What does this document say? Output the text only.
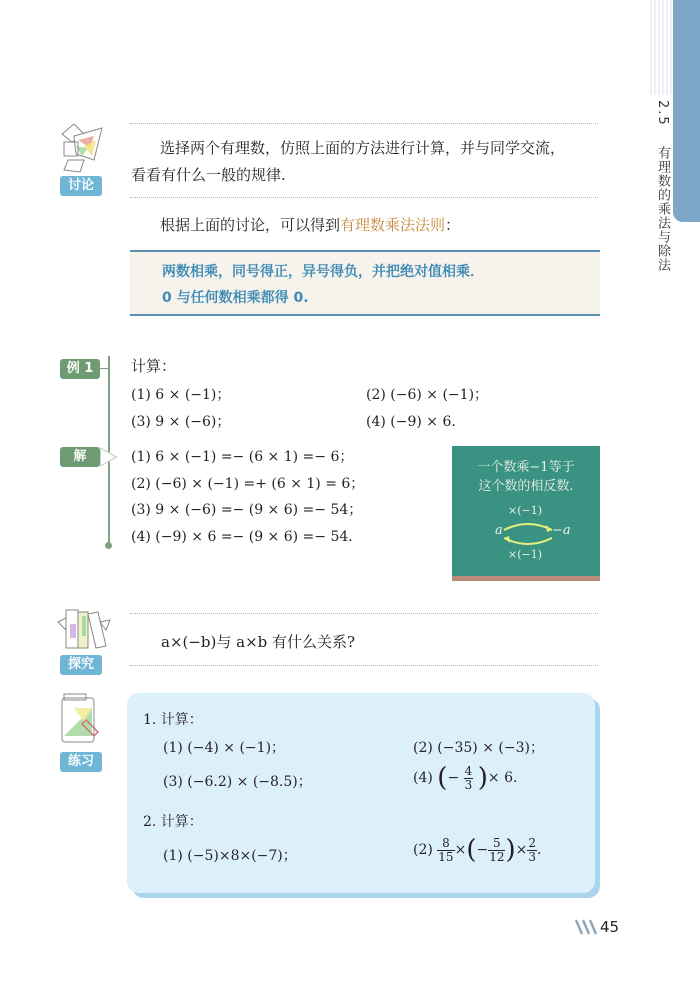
2.5 有理数的乘法与除法
讨论
选择两个有理数，仿照上面的方法进行计算，并与同学交流，
看看有什么一般的规律.
根据上面的讨论，可以得到有理数乘法法则：
两数相乘，同号得正，异号得负，并把绝对值相乘．
0 与任何数相乘都得 0.
例 1	计算：
(1) 6 × (−1)；	(2) (−6) × (−1)；
(3) 9 × (−6)；	(4) (−9) × 6．
解	(1) 6 × (−1) =− (6 × 1) =− 6；
(2) (−6) × (−1) =+ (6 × 1) = 6；
(3) 9 × (−6) =− (9 × 6) =− 54；
(4) (−9) × 6 =− (9 × 6) =− 54．
一个数乘−1等于
这个数的相反数.
×(−1)
a	−a
×(−1)
探究
a×(−b)与 a×b 有什么关系?
练习
1. 计算：
(1) (−4) × (−1)；	(2) (−35) × (−3)；
(3) (−6.2) × (−8.5)；	(4) (− $\frac{4}{3}$ )× 6.
2. 计算：
(1) (−5)×8×(−7)；	$(2) \frac{8}{15}$ ×(− $\frac{5}{12}$ )× $\frac{2}{3}$ ．
45
